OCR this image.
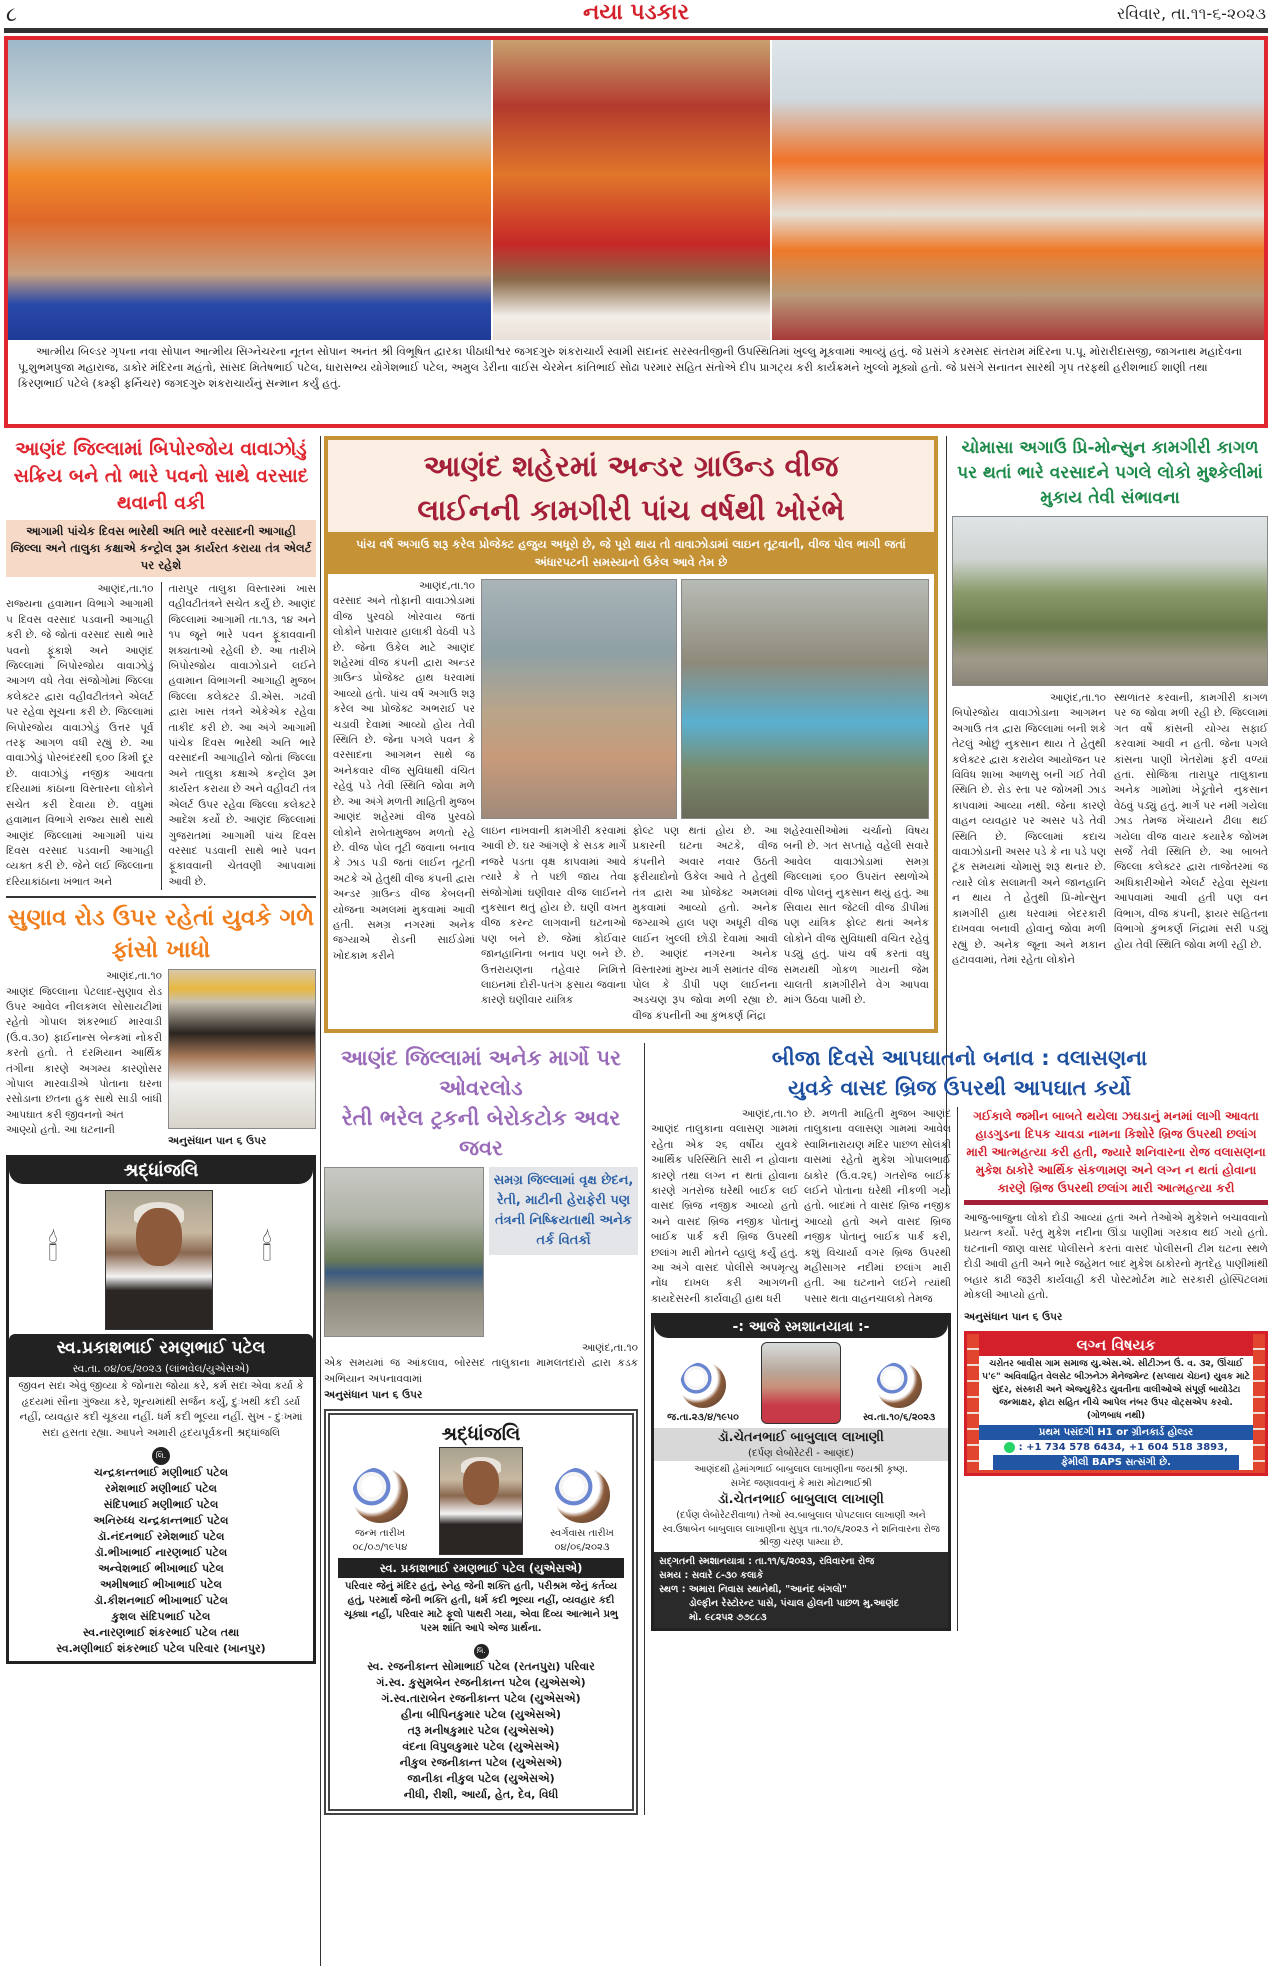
નયા પડકાર
૮	રવિવાર, તા.૧૧-૬-૨૦૨૩
આત્મીય બિલ્ડર ગૃપના નવા સોપાન આત્મીય સિગ્નેચરના નૂતન સોપાન અનંત શ્રી વિભૂષિત દ્વારકા પીઠાધીશ્વર જગદગુરુ શંકરાચાર્ય સ્વામી સદાનંદ સરસ્વતીજીની ઉપસ્થિતિમાં ખુલ્લુ મૂકવામાં આવ્યું હતું. જે પ્રસંગે કરમસદ સંતરામ મંદિરના પ.પૂ. મોરારીદાસજી, જાગનાથ મહાદેવના પૂ.શુભમપુજા મહારાજ, ડાકોર મંદિરના મહંતો, સાંસદ મિતેષભાઈ પટેલ, ધારાસભ્ય યોગેશભાઈ પટેલ, અમુલ ડેરીના વાઈસ ચેરમેન કાંતિભાઈ સોઢા પરમાર સહિત સંતોએ દીપ પ્રાગટ્ય કરી કાર્યક્રમને ખુલ્લો મૂક્યો હતો. જે પ્રસંગે સનાતન સારથી ગૃપ તરફથી હરીશભાઈ શાણી તથા કિરણભાઈ પટેલે (કમ્ફી ફર્નિચર) જગદગુરુ શંકરાચાર્યનું સન્માન કર્યું હતું.
આણંદ જિલ્લામાં બિપોરજોય વાવાઝોડું સક્રિય બને તો ભારે પવનો સાથે વરસાદ થવાની વકી
આગામી પાંચેક દિવસ ભારેથી અતિ ભારે વરસાદની આગાહી જિલ્લા અને તાલુકા કક્ષાએ કન્ટ્રોલ રૂમ કાર્યરત કરાયા તંત્ર એલર્ટ પર રહેશે
આણંદ,તા.૧૦
રાજ્યના હવામાન વિભાગે આગામી ૫ દિવસ વરસાદ પડવાની આગાહી કરી છે. જે જોતાં વરસાદ સાથે ભારે પવનો ફૂંકાશે અને આણંદ જિલ્લામાં બિપોરજોય વાવાઝોડું આગળ વધે તેવા સંજોગોમાં જિલ્લા કલેક્ટર દ્વારા વહીવટીતંત્રને એલર્ટ પર રહેવા સૂચના કરી છે. જિલ્લામાં બિપોરજોય વાવાઝોડું ઉત્તર પૂર્વ તરફ આગળ વધી રહ્યું છે. આ વાવાઝોડું પોરબંદરથી ૬૦૦ કિમી દૂર છે. વાવાઝોડું નજીક આવતા દરિયામાં કાંઠાના વિસ્તારના લોકોને સચેત કરી દેવાયા છે. વધુમાં હવામાન વિભાગે રાજ્ય સાથે સાથે આણંદ જિલ્લામાં આગામી પાંચ દિવસ વરસાદ પડવાની આગાહી વ્યક્ત કરી છે. જેને લઈ જિલ્લાના દરિયાકાંઠાના ખંભાત અને
તારાપુર તાલુકા વિસ્તારમાં ખાસ વહીવટીતંત્રને સચેત કર્યું છે. આણંદ જિલ્લામાં આગામી તા.૧૩, ૧૪ અને ૧૫ જૂને ભારે પવન ફૂંકાવવાની શક્યતાઓ રહેલી છે. આ તારીખે બિપોરજોય વાવાઝોડાને લઈને હવામાન વિભાગની આગાહી મુજબ જિલ્લા કલેક્ટર ડી.એસ. ગઢવી દ્વારા ખાસ તંત્રને એકેએક રહેવા તાકીદ કરી છે. આ અંગે આગામી પાંચેક દિવસ ભારેથી અતિ ભારે વરસાદની આગાહીને જોતાં જિલ્લા અને તાલુકા કક્ષાએ કન્ટ્રોલ રૂમ કાર્યરત કરાયા છે અને વહીવટી તંત્ર એલર્ટ ઉપર રહેવા જિલ્લા કલેક્ટરે આદેશ કર્યો છે. આણંદ જિલ્લામાં ગુજરાતમાં આગામી પાંચ દિવસ વરસાદ પડવાની સાથે ભારે પવન ફૂંકાવવાની ચેતવણી આપવામાં આવી છે.
સુણાવ રોડ ઉપર રહેતાં યુવકે ગળે ફાંસો ખાધો
આણંદ,તા.૧૦
આણંદ જિલ્લાના પેટલાદ-સુણાવ રોડ ઉપર આવેલ નીલકમલ સોસાયટીમાં રહેતો ગોપાલ શંકરભાઈ મારવાડી (ઉં.વ.૩૦) ફાઈનાન્સ બેન્કમાં નોકરી કરતો હતો. તે દરમિયાન આર્થિક તંગીના કારણે અગમ્ય કારણોસર ગોપાલ મારવાડીએ પોતાના ઘરના રસોડાના છતના હુક સાથે સાડી બાંધી આપઘાત કરી જીવનનો અંત
આણ્યો હતો. આ ઘટનાની
અનુસંધાન પાન ૬ ઉપર
શ્રદ્ધાંજલિ
🕯	🕯
સ્વ.પ્રકાશભાઈ રમણભાઈ પટેલ
સ્વ.તા. ૦૪/૦૬/૨૦૨૩ (લાંભવેલ/યુએસએ)
જીવન સદા એવું જીવ્યા કે જોનારા જોયા કરે, કર્મ સદા એવા કર્યા કે હૃદયમાં સૌના ગુંજ્યા કરે, શૂન્યમાંથી સર્જન કર્યું, દુઃખથી કદી ડર્યા નહીં, વ્યવહાર કદી ચૂકયા નહીં. ધર્મ કદી ભૂલ્યા નહીં. સુખ - દુઃખમાં સદા હસતા રહ્યા. આપને અમારી હૃદયપૂર્વકની શ્રદ્ધાંજલિ
લિ.
ચન્દ્રકાન્તભાઈ મણીભાઈ પટેલ
રમેશભાઈ મણીભાઈ પટેલ
સંદિપભાઈ મણીભાઈ પટેલ
અનિરુધ્ધ ચન્દ્રકાન્તભાઈ પટેલ
ડૉ.નંદનભાઈ રમેશભાઈ પટેલ
ડૉ.ભીખાભાઈ નારણભાઈ પટેલ
અન્વેશભાઈ ભીખાભાઈ પટેલ
અમીષભાઈ ભીખાભાઈ પટેલ
ડૉ.કીશનભાઈ ભીખાભાઈ પટેલ
કુશલ સંદિપભાઈ પટેલ
સ્વ.નારણભાઈ શંકરભાઈ પટેલ તથા
સ્વ.મણીભાઈ શંકરભાઈ પટેલ પરિવાર (ખાનપુર)
આણંદ શહેરમાં અન્ડર ગ્રાઉન્ડ વીજ
લાઈનની કામગીરી પાંચ વર્ષથી ખોરંભે
પાંચ વર્ષ અગાઉ શરૂ કરેલ પ્રોજેક્ટ હજુય અધૂરો છે, જે પૂરો થાય તો વાવાઝોડામાં લાઇન તૂટવાની, વીજ પોલ ભાગી જતાં અંધારપટની સમસ્યાનો ઉકેલ આવે તેમ છે
આણંદ,તા.૧૦
વરસાદ અને તોફાની વાવાઝોડામાં વીજ પુરવઠો ખોરવાય જતાં લોકોને પારાવાર હાલાકી વેઠવી પડે છે. જેના ઉકેલ માટે આણંદ શહેરમાં વીજ કંપની દ્વારા અન્ડર ગ્રાઉન્ડ પ્રોજેક્ટ હાથ ધરવામાં આવ્યો હતો. પાંચ વર્ષ અગાઉ શરૂ કરેલ આ પ્રોજેક્ટ અભરાઈ પર ચડાવી દેવામાં આવ્યો હોય તેવી સ્થિતિ છે. જેના પગલે પવન કે વરસાદના આગમન સાથે જ અનેકવાર વીજ સુવિધાથી વંચિત રહેવું પડે તેવી સ્થિતિ જોવા મળે છે. આ અંગે મળતી માહિતી મુજબ આણંદ શહેરમાં વીજ પુરવઠો લોકોને રાબેતામુજબ મળતો રહે છે. વીજ પોલ તૂટી જવાના બનાવ કે ઝાડ પડી જતાં લાઈન તૂટતી અટકે એ હેતુથી વીજ કંપની દ્વારા અન્ડર ગ્રાઉન્ડ વીજ કેબલની યોજના અમલમાં મુકવામાં આવી હતી. સમગ્ર નગરમાં અનેક જગ્યાએ રોડની સાઈડોમાં ખોદકામ કરીને
લાઇન નાખવાની કામગીરી કરવામાં આવી છે. ઘર આંગણે કે સડક માર્ગે નજરે પડતા વૃક્ષ કાપવામાં આવે ત્યારે કે તે પછી જાય તેવા સંજોગોમાં ઘણીવાર વીજ લાઈનને નુકસાન થતું હોય છે. ઘણી વખત વીજ કરન્ટ લાગવાની ઘટનાઓ પણ બને છે. જેમાં કોઈવાર જાનહાનિના બનાવ પણ બને છે. ઉત્તરાયણના તહેવાર નિમિત્તે લાઇનમાં દોરી-પતંગ ફસાય જવાના કારણે ઘણીવાર યાંત્રિક
ફોલ્ટ પણ થતાં હોય છે. આ પ્રકારની ઘટના અટકે, વીજ કંપનીને અવાર નવાર ઉઠતી ફરીયાદોનો ઉકેલ આવે તે હેતુથી તંત્ર દ્વારા આ પ્રોજેક્ટ અમલમાં મુકવામાં આવ્યો હતો. અનેક જગ્યાએ હાલ પણ અધૂરી વીજ લાઈન ખુલ્લી છોડી દેવામાં આવી છે. આણંદ નગરના અનેક વિસ્તારમાં મુખ્ય માર્ગ સમાંતર વીજ પોલ કે ડીપી પણ લાઈનના અડચણ રૂપ જોવા મળી રહ્યા છે. વીજ કંપનીની આ કુંભકર્ણ નિંદ્રા
શહેરવાસીઓમાં ચર્ચાનો વિષય બની છે. ગત સપ્તાહે વહેલી સવારે આવેલ વાવાઝોડામાં સમગ્ર જિલ્લામાં ૬૦૦ ઉપરાંત સ્થળોએ વીજ પોલનું નુકસાન થયું હતું. આ સિવાય સાત જેટલી વીજ ડીપીમાં પણ યાંત્રિક ફોલ્ટ થતાં અનેક લોકોને વીજ સુવિધાથી વંચિત રહેવું પડ્યું હતું. પાંચ વર્ષ કરતાં વધુ સમયથી ગોકળ ગાયની જેમ ચાલતી કામગીરીને વેગ આપવા માંગ ઉઠવા પામી છે.
ચોમાસા અગાઉ પ્રિ-મોન્સુન કામગીરી કાગળ પર થતાં ભારે વરસાદને પગલે લોકો મુશ્કેલીમાં મુકાય તેવી સંભાવના
આણંદ,તા.૧૦
બિપોરજોય વાવાઝોડાના આગમન અગાઉ તંત્ર દ્વારા જિલ્લામાં બની શકે તેટલું ઓછું નુકસાન થાય તે હેતુથી કલેક્ટર દ્વારા કરાયેલ આયોજન પર વિવિધ શાખા આળસુ બની ગઈ તેવી સ્થિતિ છે. રોડ સ્તા પર જોખમી ઝાડ કાપવામાં આવ્યા નથી. જેના કારણે વાહન વ્યવહાર પર અસર પડે તેવી સ્થિતિ છે. જિલ્લામાં કદાચ વાવાઝોડાની અસર પડે કે ના પડે પણ ટૂંક સમયમાં ચોમાસું શરૂ થનાર છે. ત્યારે લોક સલામતી અને જાનહાનિ ન થાય તે હેતુથી પ્રિ-મોન્સુન કામગીરી હાથ ધરવામાં બેદરકારી દાખવવા બનાવી હોવાનું જોવા મળી રહ્યું છે. અનેક જૂના અને મકાન હટાવવામાં, તેમાં રહેતા લોકોને
સ્થળાંતર કરવાની, કામગીરી કાગળ પર જ જોવા મળી રહી છે. જિલ્લામાં ગત વર્ષે કાંસની યોગ્ય સફાઈ કરવામાં આવી ન હતી. જેના પગલે કાંસના પાણી ખેતરોમાં ફરી વળ્યાં હતાં. સોજિત્રા તારાપુર તાલુકાના અનેક ગામોમાં ખેડૂતોને નુકસાન વેઠવું પડ્યું હતું. માર્ગ પર નમી ગયેલા ઝાડ તેમજ ખેંચાયને ઢીલા થઈ ગયેલા વીજ વાયર કયારેક જોખમ સર્જે તેવી સ્થિતિ છે. આ બાબતે જિલ્લા કલેક્ટર દ્વારા તાજેતરમાં જ અધિકારીઓને એલર્ટ રહેવા સૂચના આપવામાં આવી હતી પણ વન વિભાગ, વીજ કંપની, ફાયર સહિતના વિભાગો કુંભકર્ણ નિંદ્રામાં સરી પડ્યું હોય તેવી સ્થિતિ જોવા મળી રહી છે.
આણંદ જિલ્લામાં અનેક માર્ગો પર ઓવરલોડ
રેતી ભરેલ ટ્રકની બેરોકટોક અવર જવર
સમગ્ર જિલ્લામાં વૃક્ષ છેદન, રેતી, માટીની હેરાફેરી પણ તંત્રની નિષ્ક્રિયતાથી અનેક તર્ક વિતર્કો
આણંદ,તા.૧૦
એક સમયમાં જ આંકલાવ, બોરસદ તાલુકાના મામલતદારો દ્વારા કડક અભિયાન અપનાવવામાં
અનુસંધાન પાન ૬ ઉપર
શ્રદ્ધાંજલિ
જન્મ તારીખ
૦૮/૦૭/૧૯૫૪
સ્વર્ગવાસ તારીખ
૦૪/૦૬/૨૦૨૩
સ્વ. પ્રકાશભાઈ રમણભાઈ પટેલ (યુએસએ)
પરિવાર જેનું મંદિર હતું, સ્નેહ જેની શક્તિ હતી, પરીશ્રમ જેનું કર્તવ્ય હતું, પરમાર્થ જેની ભક્તિ હતી, ધર્મ કદી ભૂલ્યા નહીં, વ્યવહાર કદી ચૂક્યા નહીં, પરિવાર માટે ફૂલો પાથરી ગયા, એવા દિવ્ય આત્માને પ્રભુ પરમ શાંતિ આપે એજ પ્રાર્થના.
લિ.
સ્વ. રજનીકાન્ત સોમાભાઈ પટેલ (રતનપુરા) પરિવાર
ગં.સ્વ. કુસુમબેન રજનીકાન્ત પટેલ (યુએસએ)
ગં.સ્વ.તારાબેન રજનીકાન્ત પટેલ (યુએસએ)
હીના બીપિનકુમાર પટેલ (યુએસએ)
તરૂ મનીષકુમાર પટેલ (યુએસએ)
વંદના વિપુલકુમાર પટેલ (યુએસએ)
નીકુલ રજનીકાન્ત પટેલ (યુએસએ)
જાનીકા નીકુલ પટેલ (યુએસએ)
નીધી, રીશી, આર્યા, હેત, દેવ, વિધી
બીજા દિવસે આપઘાતનો બનાવ : વલાસણના
યુવકે વાસદ બ્રિજ ઉપરથી આપઘાત કર્યો
આણંદ,તા.૧૦
આણંદ તાલુકાના વલાસણ ગામમાં રહેતા એક ૨૬ વર્ષીય યુવકે આર્થિક પરિસ્થિતિ સારી ન હોવાના કારણે તથા લગ્ન ન થતાં હોવાના કારણે ગતરોજ ઘરેથી બાઈક લઈ વાસદ બ્રિજ નજીક આવ્યો હતો અને વાસદ બ્રિજ નજીક પોતાનું બાઈક પાર્ક કરી બ્રિજ ઉપરથી છલાંગ મારી મોતને વ્હાલું કર્યું હતું. આ અંગે વાસદ પોલીસે અપમૃત્યુ નોંધ દાખલ કરી આગળની કાયદેસરની કાર્યવાહી હાથ ધરી
છે. મળતી માહિતી મુજબ આણંદ તાલુકાના વલાસણ ગામમાં આવેલ સ્વામિનારાયણ મંદિર પાછળ સોલંકી વાસમાં રહેતો મુકેશ ગોપાલભાઈ ઠાકોર (ઉં.વ.૨૬) ગતરોજ બાઈક લઈને પોતાના ઘરેથી નીકળી ગયો હતો. બાદમાં તે વાસદ બ્રિજ નજીક આવ્યો હતો અને વાસદ બ્રિજ નજીક પોતાનું બાઈક પાર્ક કરી, કશું વિચાર્યા વગર બ્રિજ ઉપરથી મહીસાગર નદીમાં છલાંગ મારી હતી. આ ઘટનાને લઈને ત્યાંથી પસાર થતા વાહનચાલકો તેમજ
-: આજે સ્મશાનયાત્રા :-
જ.તા.૨૩/૪/૧૯૫૦	સ્વ.તા.૧૦/૬/૨૦૨૩
ડૉ.ચેતનભાઈ બાબુલાલ લાખાણી
(દર્પણ લેબોરેટરી - આણંદ)
આણંદથી હેમાંગભાઈ બાબુલાલ લાખાણીના જયશ્રી કૃષ્ણ.
સખેદ જણાવવાનું કે મારા મોટાભાઈશ્રી
ડૉ.ચેતનભાઈ બાબુલાલ લાખાણી
(દર્પણ લેબોરેટરીવાળા) તેઓ સ્વ.બાબુલાલ પોપટલાલ લાખાણી અને સ્વ.ઉષાબેન બાબુલાલ લાખાણીના સુપુત્ર તા.૧૦/૬/૨૦૨૩ ને શનિવારના રોજ શ્રીજી ચરણ પામ્યા છે.
સદ્ગતની સ્મશાનયાત્રા : તા.૧૧/૬/૨૦૨૩, રવિવારના રોજ
સમય : સવારે ૮-૩૦ કલાકે
સ્થળ : અમારા નિવાસ સ્થાનેથી, "આનંદ બંગલો"
ડોલ્ફીન રેસ્ટોરન્ટ પાસે, પંચાલ હોલની પાછળ મુ.આણંદ
મો. ૯૮૨૫૨ ૭૭૮૮૩
ગઈકાલે જમીન બાબતે થયેલા ઝઘડાનું મનમાં લાગી આવતા હાડગુડના દિપક ચાવડા નામના કિશોરે બ્રિજ ઉપરથી છલાંગ મારી આત્મહત્યા કરી હતી, જ્યારે શનિવારના રોજ વલાસણના મુકેશ ઠાકોરે આર્થિક સંકળામણ અને લગ્ન ન થતાં હોવાના કારણે બ્રિજ ઉપરથી છલાંગ મારી આત્મહત્યા કરી
આજુ-બાજુના લોકો દોડી આવ્યાં હતાં અને તેઓએ મુકેશને બચાવવાનો પ્રયત્ન કર્યો. પરંતુ મુકેશ નદીના ઊંડા પાણીમાં ગરકાવ થઈ ગયો હતો. ઘટનાની જાણ વાસદ પોલીસને કરતાં વાસદ પોલીસની ટીમ ઘટના સ્થળે દોડી આવી હતી અને ભારે જહેમત બાદ મુકેશ ઠાકોરનો મૃતદેહ પાણીમાંથી બહાર કાઢી જરૂરી કાર્યવાહી કરી પોસ્ટમોર્ટમ માટે સરકારી હોસ્પિટલમાં મોકલી આપ્યો હતો.
અનુસંધાન પાન ૬ ઉપર
લગ્ન વિષયક
ચરોતર બાવીસ ગામ સમાજ યુ.એસ.એ. સીટીઝન ઉં. વ. ૩૨, ઊંચાઈ ૫'૯" અવિવાહિત વેલસેટ બીઝનેઝ મેનેજમેન્ટ (સપ્લાય ચેઇન) યુવક માટે સુંદર, સંસ્કારી અને એજ્યુકેટેડ યુવતીના વાલીઓએ સંપૂર્ણ બાયોડેટા જન્માક્ષર, ફોટા સહિત નીચે આપેલ નંબર ઉપર વોટ્સએપ કરવો. (ગોળબાધ નથી)
પ્રથમ પસંદગી H1 or ગ્રીનકાર્ડ હોલ્ડર
: +1 734 578 6434, +1 604 518 3893,
ફેમીલી BAPS સત્સંગી છે.
